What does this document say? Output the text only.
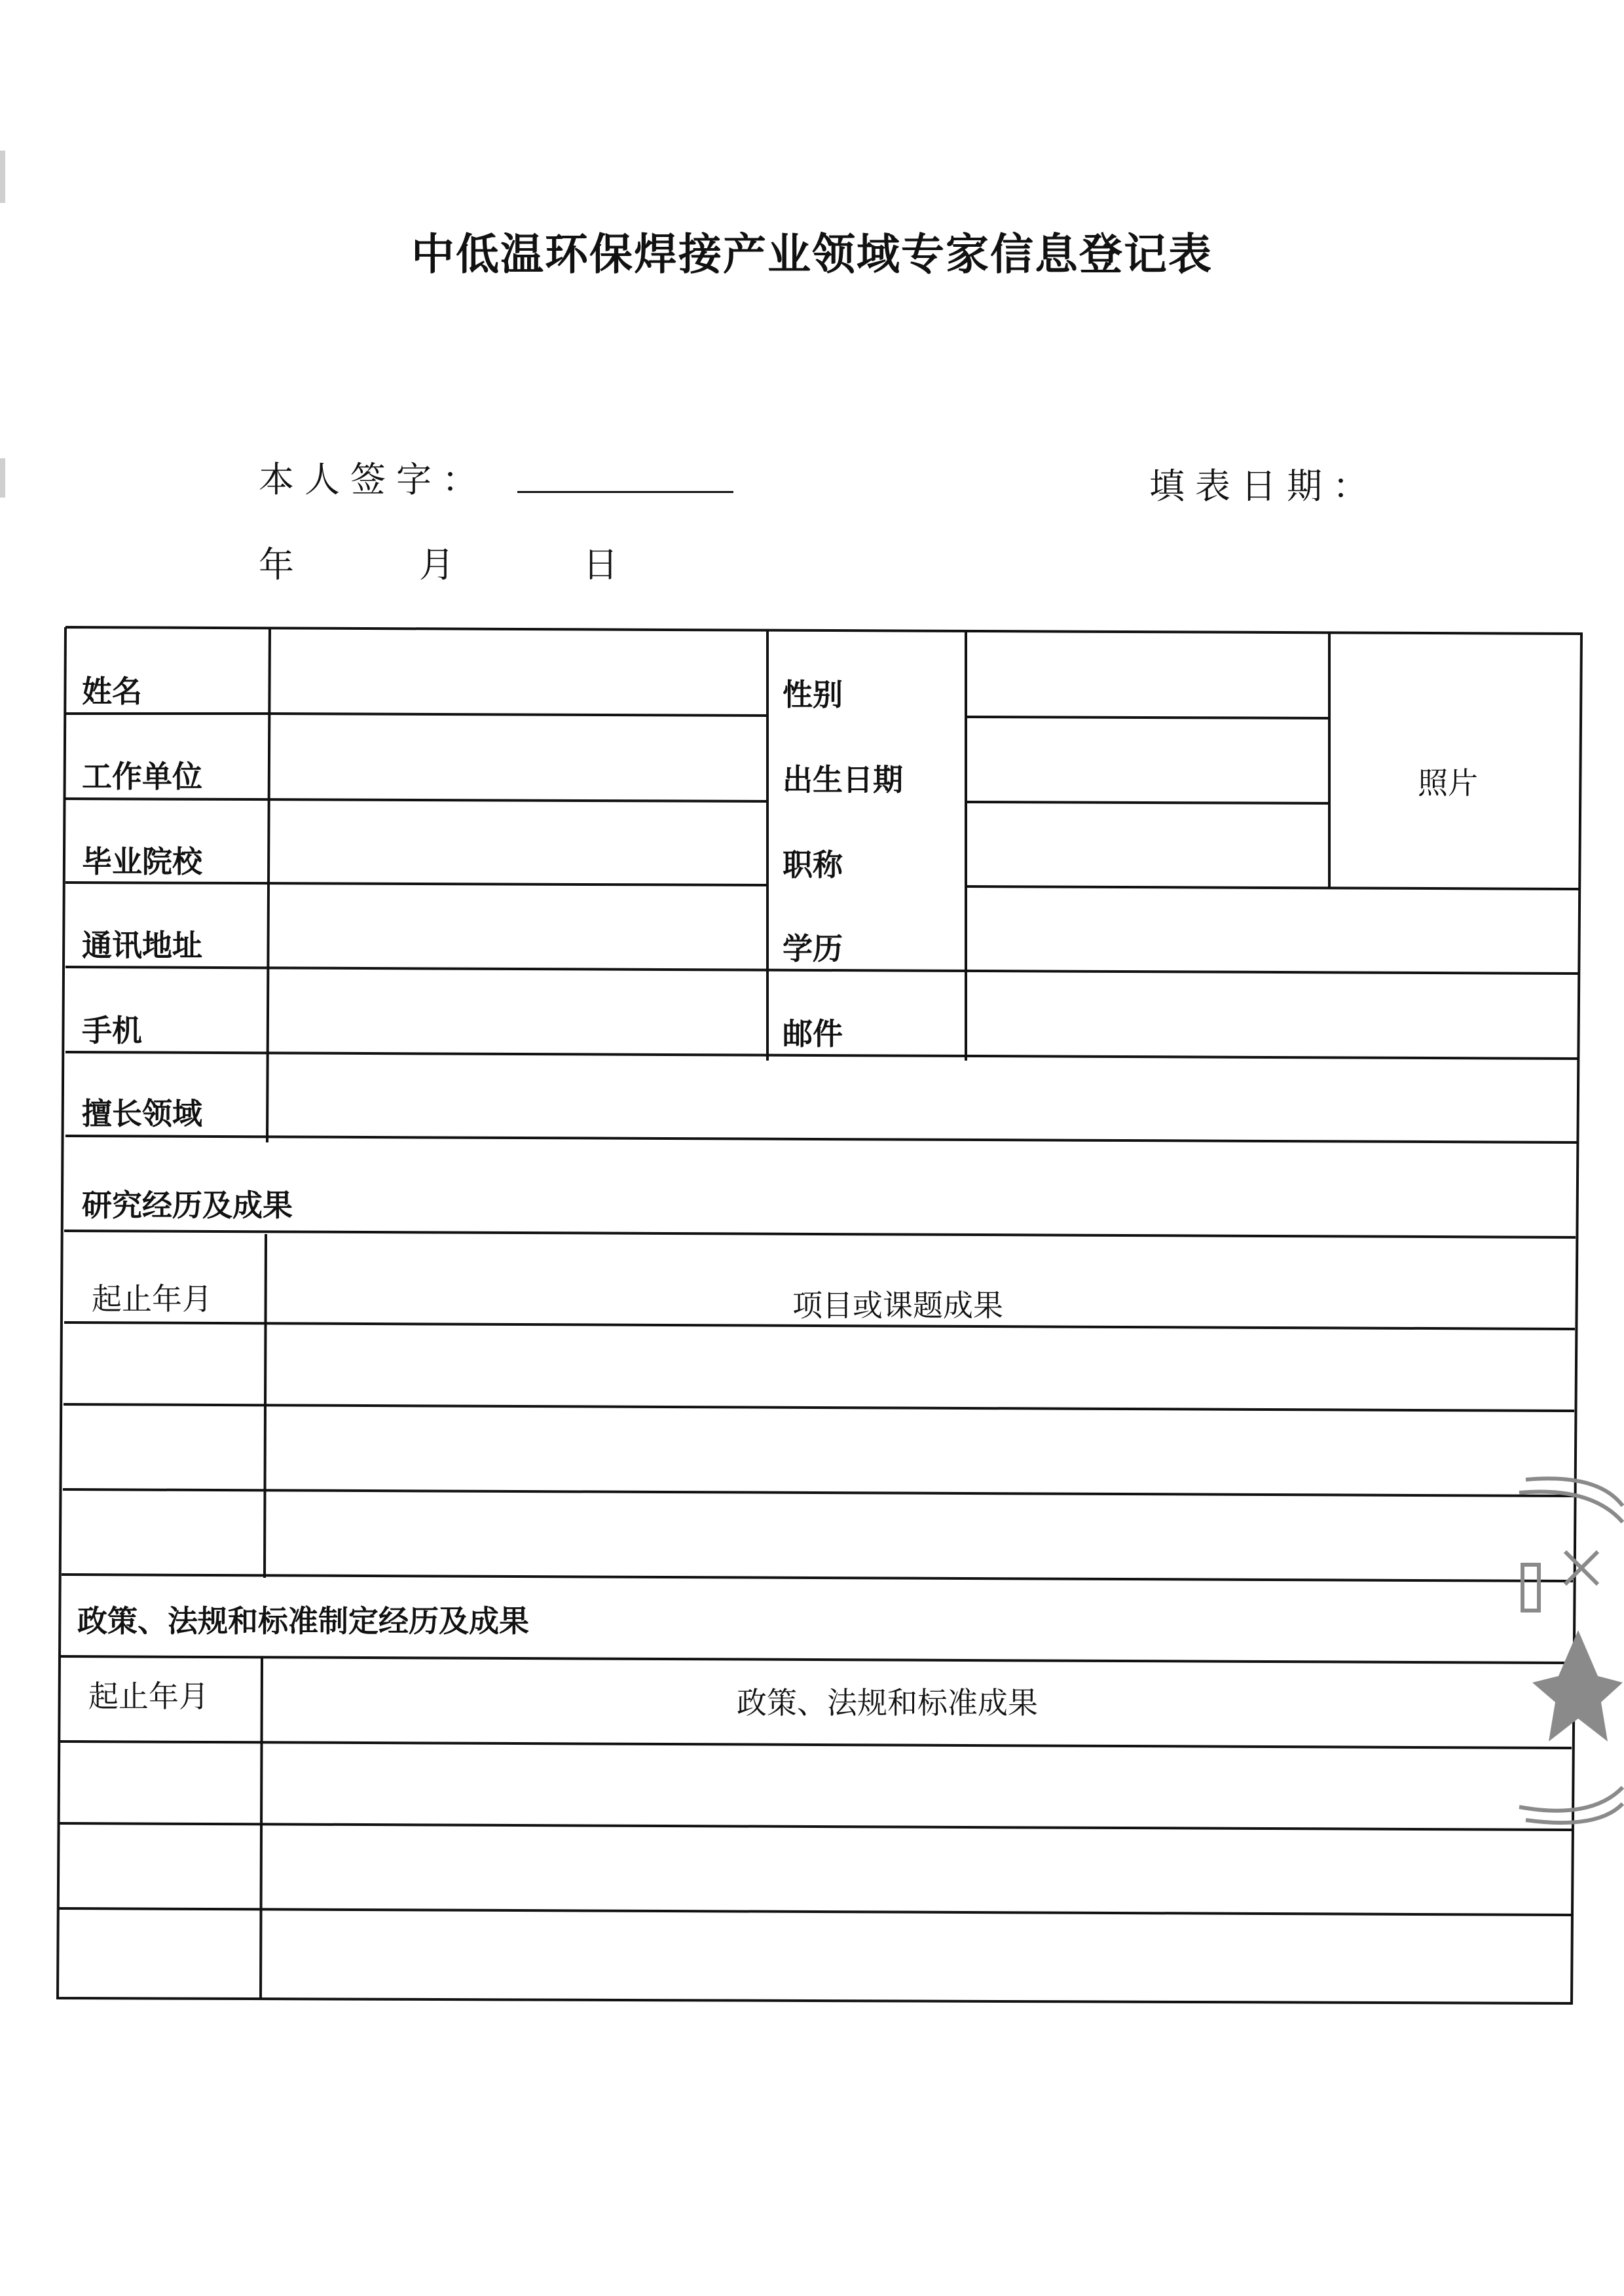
中低温环保焊接产业领域专家信息登记表
本人签字：	填表日期：
年	月	日
姓名	性别
工作单位	出生日期
毕业院校	职称
通讯地址	学历
手机	邮件
擅长领域
照片
研究经历及成果
起止年月	项目或课题成果
政策、法规和标准制定经历及成果
起止年月	政策、法规和标准成果
